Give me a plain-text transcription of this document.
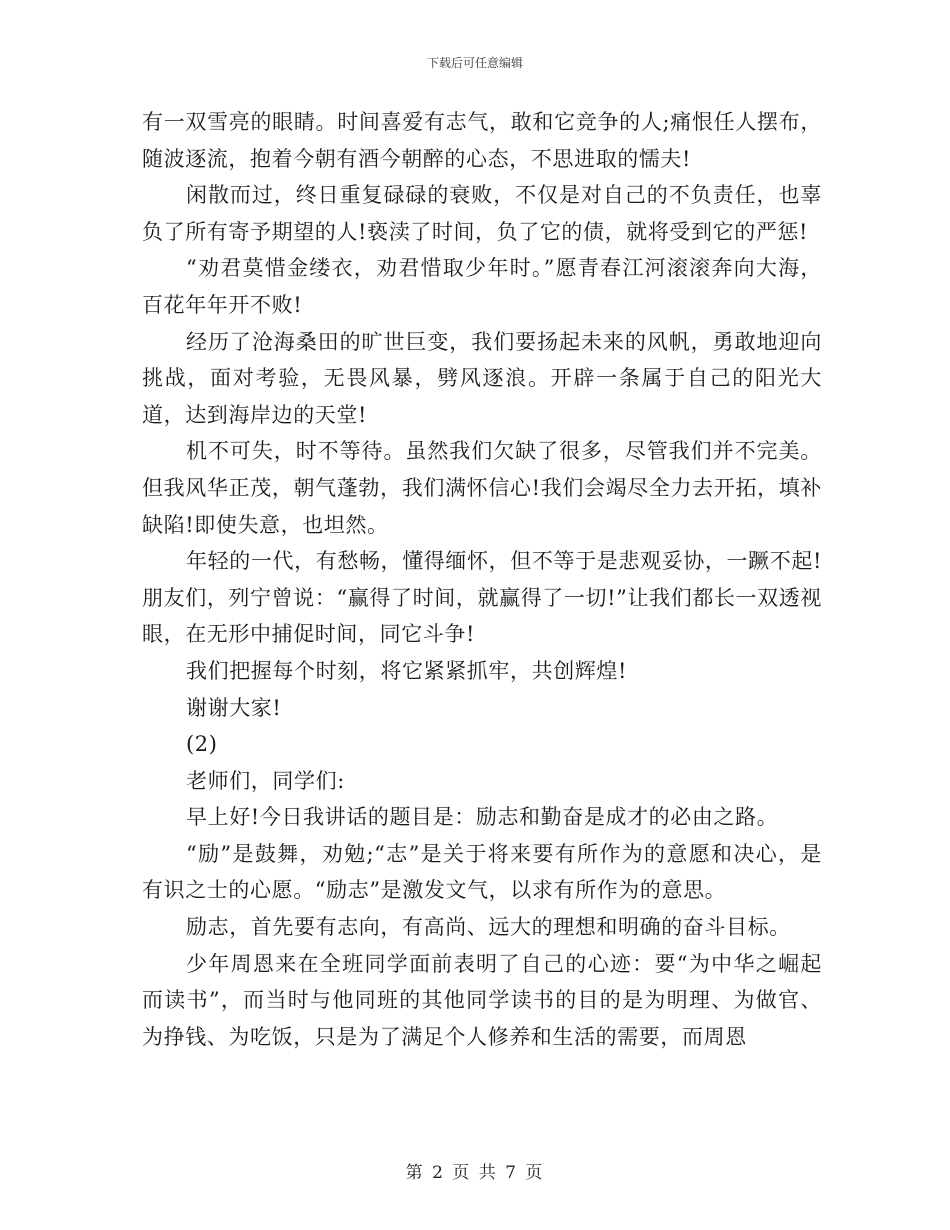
下载后可任意编辑

有一双雪亮的眼睛。时间喜爱有志气，敢和它竞争的人;痛恨任人摆布，随波逐流，抱着今朝有酒今朝醉的心态，不思进取的懦夫!

闲散而过，终日重复碌碌的衰败，不仅是对自己的不负责任，也辜负了所有寄予期望的人!亵渎了时间，负了它的债，就将受到它的严惩!

“劝君莫惜金缕衣，劝君惜取少年时。”愿青春江河滚滚奔向大海，百花年年开不败!

经历了沧海桑田的旷世巨变，我们要扬起未来的风帆，勇敢地迎向挑战，面对考验，无畏风暴，劈风逐浪。开辟一条属于自己的阳光大道，达到海岸边的天堂!

机不可失，时不等待。虽然我们欠缺了很多，尽管我们并不完美。但我风华正茂，朝气蓬勃，我们满怀信心!我们会竭尽全力去开拓，填补缺陷!即使失意，也坦然。

年轻的一代，有愁畅，懂得缅怀，但不等于是悲观妥协，一蹶不起!朋友们，列宁曾说：“赢得了时间，就赢得了一切!”让我们都长一双透视眼，在无形中捕促时间，同它斗争!

我们把握每个时刻，将它紧紧抓牢，共创辉煌!

谢谢大家!

(2)

老师们，同学们:

早上好!今日我讲话的题目是：励志和勤奋是成才的必由之路。

“励”是鼓舞，劝勉;“志”是关于将来要有所作为的意愿和决心，是有识之士的心愿。“励志”是激发文气，以求有所作为的意思。

励志，首先要有志向，有高尚、远大的理想和明确的奋斗目标。

少年周恩来在全班同学面前表明了自己的心迹：要“为中华之崛起而读书”，而当时与他同班的其他同学读书的目的是为明理、为做官、为挣钱、为吃饭，只是为了满足个人修养和生活的需要，而周恩

第 2 页 共 7 页
